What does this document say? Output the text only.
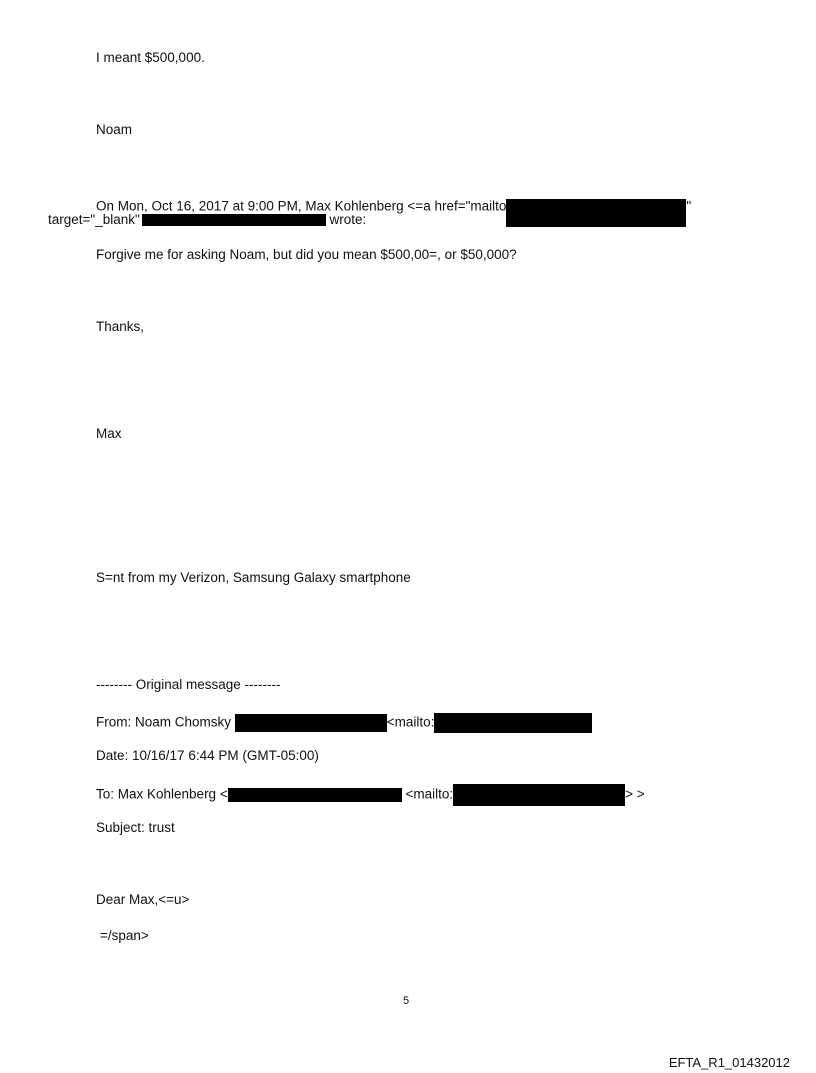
I meant $500,000.
Noam
On Mon, Oct 16, 2017 at 9:00 PM, Max Kohlenberg <=a href="mailto	"
target="_blank"	wrote:
Forgive me for asking Noam, but did you mean $500,00=, or $50,000?
Thanks,
Max
S=nt from my Verizon, Samsung Galaxy smartphone
-------- Original message --------
From: Noam Chomsky	<mailto:
Date: 10/16/17 6:44 PM (GMT-05:00)
To: Max Kohlenberg <	<mailto:	> >
Subject: trust
Dear Max,<=u>
=/span>
5
EFTA_R1_01432012
